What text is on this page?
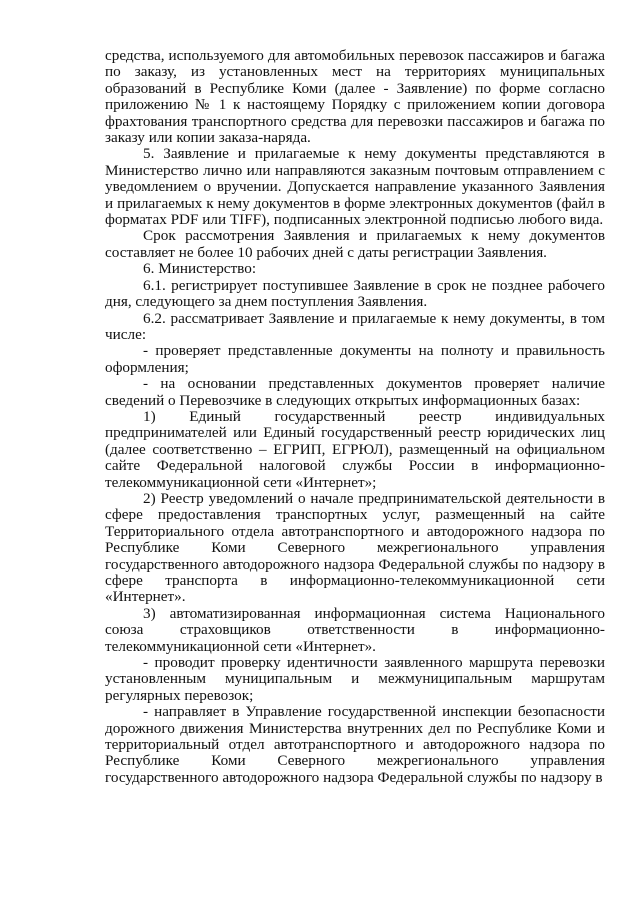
средства, используемого для автомобильных перевозок пассажиров и багажа по заказу, из установленных мест на территориях муниципальных образований в Республике Коми (далее - Заявление) по форме согласно приложению № 1 к настоящему Порядку с приложением копии договора фрахтования транспортного средства для перевозки пассажиров и багажа по заказу или копии заказа-наряда.

5. Заявление и прилагаемые к нему документы представляются в Министерство лично или направляются заказным почтовым отправлением с уведомлением о вручении. Допускается направление указанного Заявления и прилагаемых к нему документов в форме электронных документов (файл в форматах PDF или TIFF), подписанных электронной подписью любого вида.

Срок рассмотрения Заявления и прилагаемых к нему документов составляет не более 10 рабочих дней с даты регистрации Заявления.

6. Министерство:

6.1. регистрирует поступившее Заявление в срок не позднее рабочего дня, следующего за днем поступления Заявления.

6.2. рассматривает Заявление и прилагаемые к нему документы, в том числе:

- проверяет представленные документы на полноту и правильность оформления;

- на основании представленных документов проверяет наличие сведений о Перевозчике в следующих открытых информационных базах:

1) Единый государственный реестр индивидуальных предпринимателей или Единый государственный реестр юридических лиц (далее соответственно – ЕГРИП, ЕГРЮЛ), размещенный на официальном сайте Федеральной налоговой службы России в информационно-телекоммуникационной сети «Интернет»;

2) Реестр уведомлений о начале предпринимательской деятельности в сфере предоставления транспортных услуг, размещенный на сайте Территориального отдела автотранспортного и автодорожного надзора по Республике Коми Северного межрегионального управления государственного автодорожного надзора Федеральной службы по надзору в сфере транспорта в информационно-телекоммуникационной сети «Интернет».

3) автоматизированная информационная система Национального союза страховщиков ответственности в информационно-телекоммуникационной сети «Интернет».

- проводит проверку идентичности заявленного маршрута перевозки установленным муниципальным и межмуниципальным маршрутам регулярных перевозок;

- направляет в Управление государственной инспекции безопасности дорожного движения Министерства внутренних дел по Республике Коми и территориальный отдел автотранспортного и автодорожного надзора по Республике Коми Северного межрегионального управления государственного автодорожного надзора Федеральной службы по надзору в
